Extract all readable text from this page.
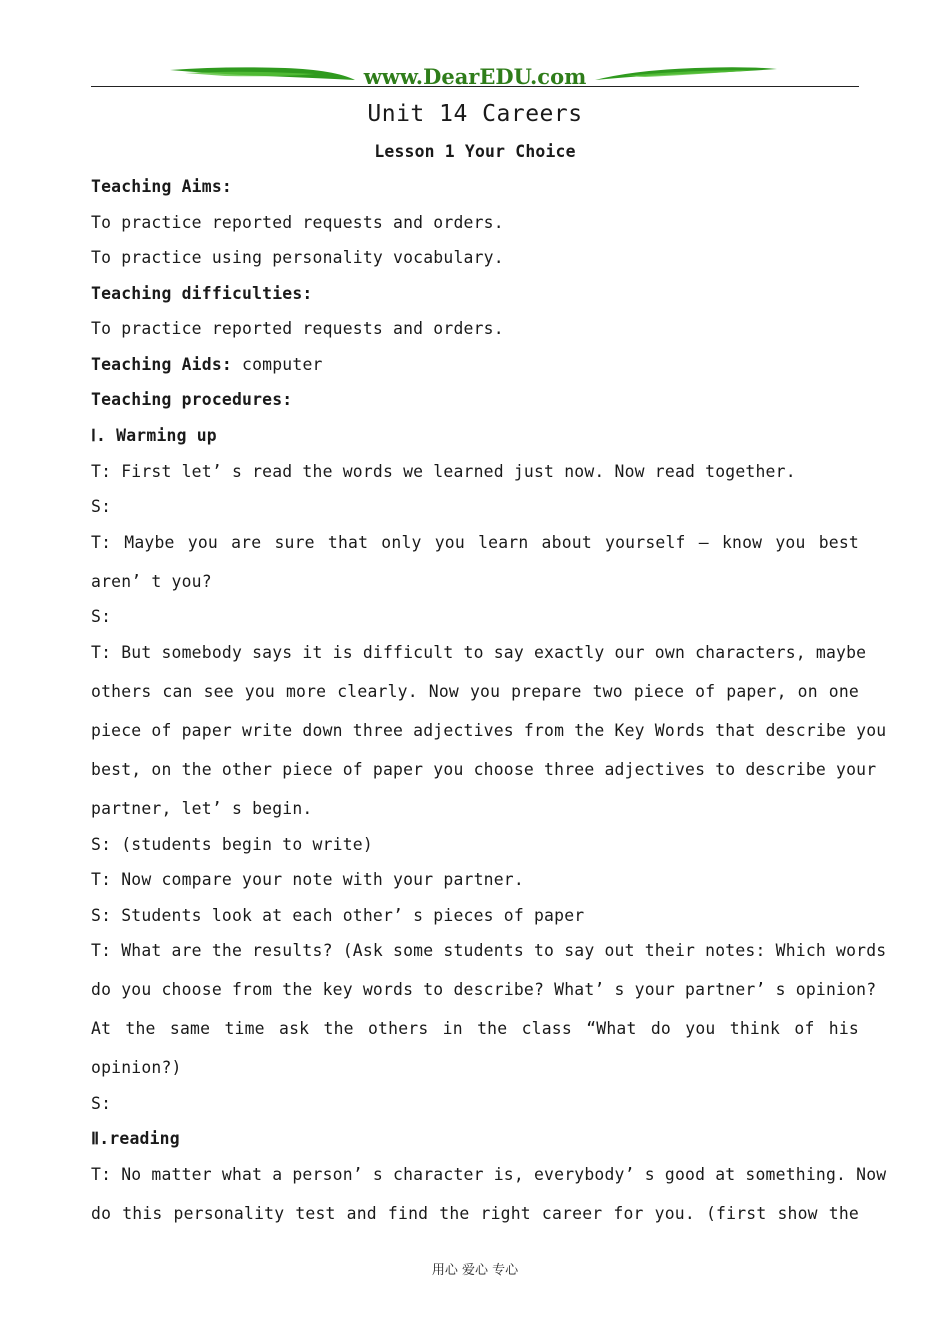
www.DearEDU.com
Unit 14 Careers
Lesson 1 Your Choice
Teaching Aims:
To practice reported requests and orders.
To practice using personality vocabulary.
Teaching difficulties:
To practice reported requests and orders.
Teaching Aids: computer
Teaching procedures:
Ⅰ. Warming up
T: First let’ s read the words we learned just now. Now read together.
S:
T: Maybe you are sure that only you learn about yourself – know you best
aren’ t you?
S:
T: But somebody says it is difficult to say exactly our own characters, maybe
others can see you more clearly. Now you prepare two piece of paper, on one
piece of paper write down three adjectives from the Key Words that describe you
best, on the other piece of paper you choose three adjectives to describe your
partner, let’ s begin.
S: (students begin to write)
T: Now compare your note with your partner.
S: Students look at each other’ s pieces of paper
T: What are the results? (Ask some students to say out their notes: Which words
do you choose from the key words to describe? What’ s your partner’ s opinion?
At the same time ask the others in the class “What do you think of his
opinion?)
S:
Ⅱ.reading
T: No matter what a person’ s character is, everybody’ s good at something. Now
do this personality test and find the right career for you. (first show the
用心 爱心 专心
